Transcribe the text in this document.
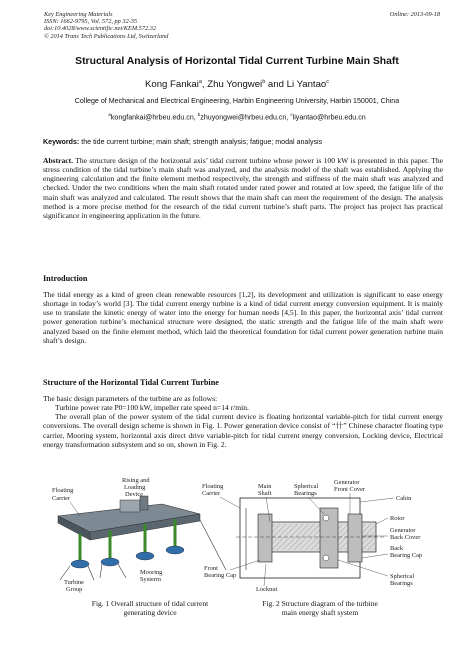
Key Engineering Materials
ISSN: 1662-9795, Vol. 572, pp 32-35
doi:10.4028/www.scientific.net/KEM.572.32
© 2014 Trans Tech Publications Ltd, Switzerland
Online: 2013-09-18
Structural Analysis of Horizontal Tidal Current Turbine Main Shaft
Kong Fankai$^a$, Zhu Yongwei$^b$ and Li Yantao$^c$
College of Mechanical and Electrical Engineering, Harbin Engineering University, Harbin 150001, China
$^a$kongfankai@hrbeu.edu.cn, $^b$zhuyongwei@hrbeu.edu.cn, $^c$liyantao@hrbeu.edu.cn
Keywords: the tide current turbine; main shaft; strength analysis; fatigue; modal analysis
Abstract. The structure design of the horizontal axis’ tidal current turbine whose power is 100 kW is presented in this paper. The stress condition of the tidal turbine’s main shaft was analyzed, and the analysis model of the shaft was established. Applying the engineering calculation and the finite element method respectively, the strength and stiffness of the main shaft was analyzed and checked. Under the two conditions when the main shaft rotated under rated power and rotated at low speed, the fatigue life of the main shaft was analyzed and calculated. The result shows that the main shaft can meet the requirement of the design. The analysis method is a more precise method for the research of the tidal current turbine’s shaft parts. The project has project has practical significance in engineering application in the future.
Introduction
The tidal energy as a kind of green clean renewable resources [1,2], its development and utilization is significant to ease energy shortage in today’s world [3]. The tidal current energy turbine is a kind of tidal current energy conversion equipment. It is mainly use to translate the kinetic energy of water into the energy for human needs [4,5]. In this paper, the horizontal axis’ tidal current power generation turbine’s mechanical structure were designed, the static strength and the fatigue life of the main shaft were analyzed based on the finite element method, which laid the theoretical foundation for tidal current power generation turbine main shaft’s design.
Structure of the Horizontal Tidal Current Turbine
The basic design parameters of the turbine are as follows:
Turbine power rate P0=100 kW, impeller rate speed n=14 r/min.
The overall plan of the power system of the tidal current device is floating horizontal variable-pitch for tidal current energy conversions. The overall design scheme is shown in Fig. 1. Power generation device consist of “卄” Chinese character floating type carrier, Mooring system, horizontal axis direct drive variable-pitch for tidal current energy conversion, Locking device, Electrical energy transformation subsystem and so on, shown in Fig. 2.
Floating
Carrier
Rising and
Loading
Device
Turbine
Group
Mooring
Systerm
Fig. 1 Overall structure of tidal current
generating device
Floating
Carrier
Main
Shaft
Spherical
Bearings
Generator
Front Cover
Cabin
Rotor
Generator
Back Cover
Back
Bearing Cap
Front
Bearing Cap
Locknut
Spherical
Bearings
Fig. 2 Structure diagram of the turbine
main energy shaft system
